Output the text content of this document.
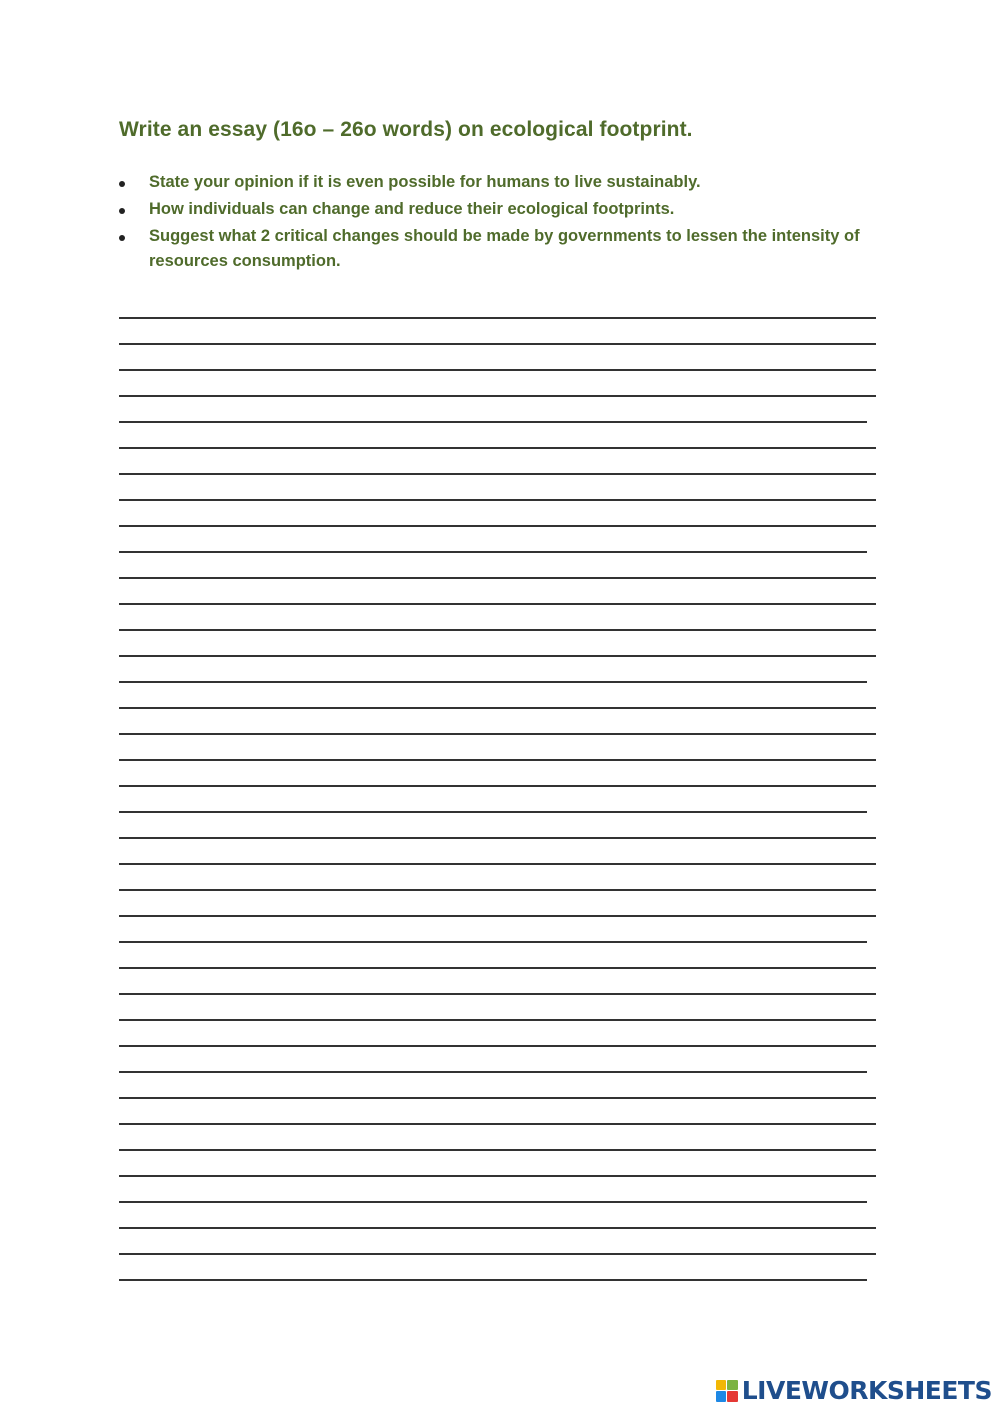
Write an essay (16o – 26o words) on ecological footprint.
State your opinion if it is even possible for humans to live sustainably.
How individuals can change and reduce their ecological footprints.
Suggest what 2 critical changes should be made by governments to lessen the intensity of resources consumption.
LIVEWORKSHEETS
